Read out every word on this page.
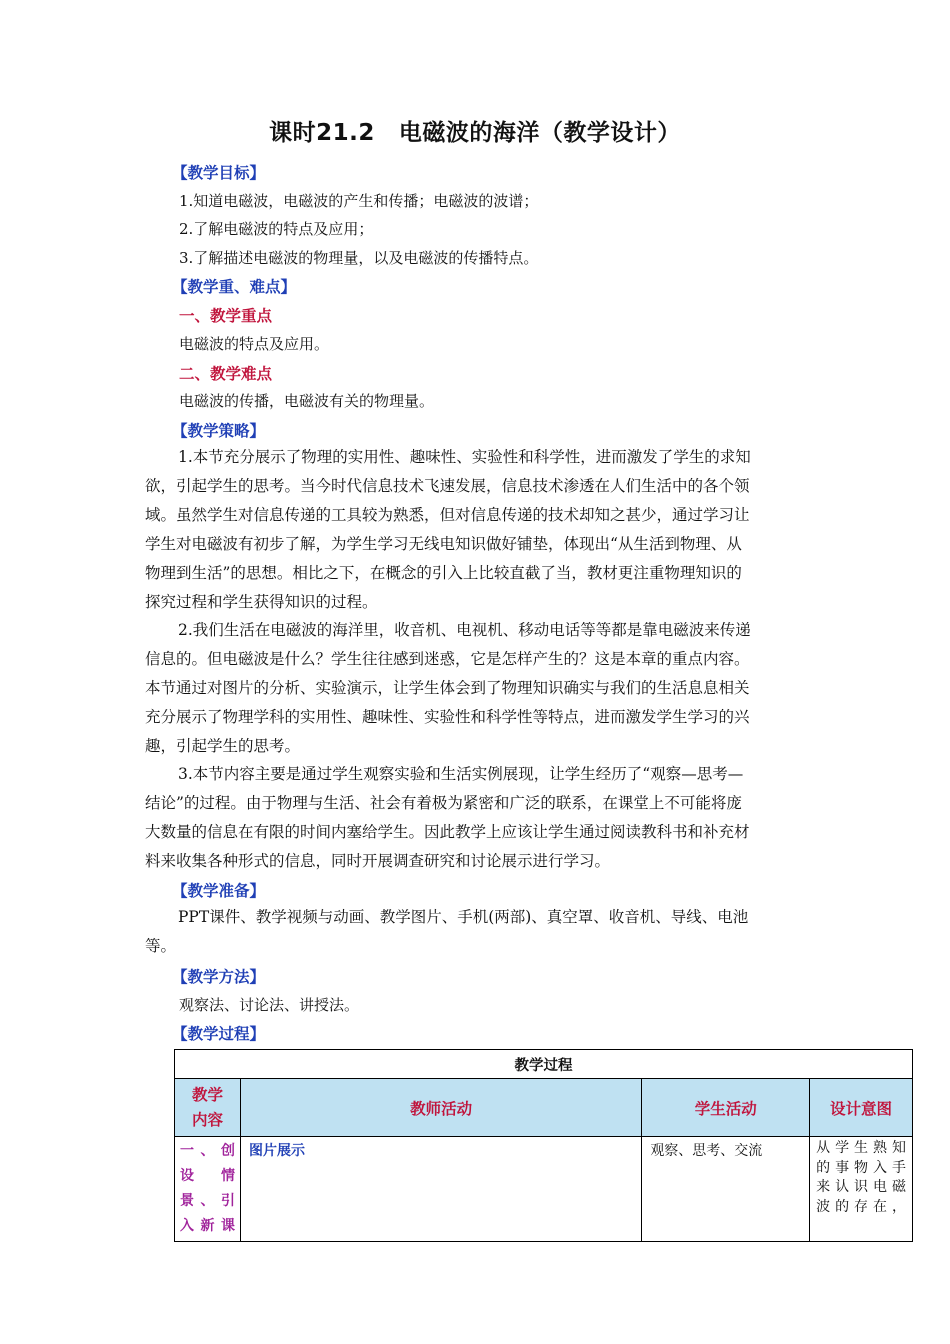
课时21.2 电磁波的海洋（教学设计）
【教学目标】
1.知道电磁波，电磁波的产生和传播；电磁波的波谱；
2.了解电磁波的特点及应用；
3.了解描述电磁波的物理量，以及电磁波的传播特点。
【教学重、难点】
一、教学重点
电磁波的特点及应用。
二、教学难点
电磁波的传播，电磁波有关的物理量。
【教学策略】
1.本节充分展示了物理的实用性、趣味性、实验性和科学性，进而激发了学生的求知
欲，引起学生的思考。当今时代信息技术飞速发展，信息技术渗透在人们生活中的各个领
域。虽然学生对信息传递的工具较为熟悉，但对信息传递的技术却知之甚少，通过学习让
学生对电磁波有初步了解，为学生学习无线电知识做好铺垫，体现出“从生活到物理、从
物理到生活”的思想。相比之下，在概念的引入上比较直截了当，教材更注重物理知识的
探究过程和学生获得知识的过程。
2.我们生活在电磁波的海洋里，收音机、电视机、移动电话等等都是靠电磁波来传递
信息的。但电磁波是什么？学生往往感到迷惑，它是怎样产生的？这是本章的重点内容。
本节通过对图片的分析、实验演示，让学生体会到了物理知识确实与我们的生活息息相关
充分展示了物理学科的实用性、趣味性、实验性和科学性等特点，进而激发学生学习的兴
趣，引起学生的思考。
3.本节内容主要是通过学生观察实验和生活实例展现，让学生经历了“观察—思考—
结论”的过程。由于物理与生活、社会有着极为紧密和广泛的联系，在课堂上不可能将庞
大数量的信息在有限的时间内塞给学生。因此教学上应该让学生通过阅读教科书和补充材
料来收集各种形式的信息，同时开展调查研究和讨论展示进行学习。
【教学准备】
PPT课件、教学视频与动画、教学图片、手机(两部)、真空罩、收音机、导线、电池
等。
【教学方法】
观察法、讨论法、讲授法。
【教学过程】
教学过程			

教学
内容	教师活动	学生活动	设计意图

一、创
设　情
景、引
入新课	图片展示	观察、思考、交流	从学生熟知
的事物入手
来认识电磁
波的存在，
